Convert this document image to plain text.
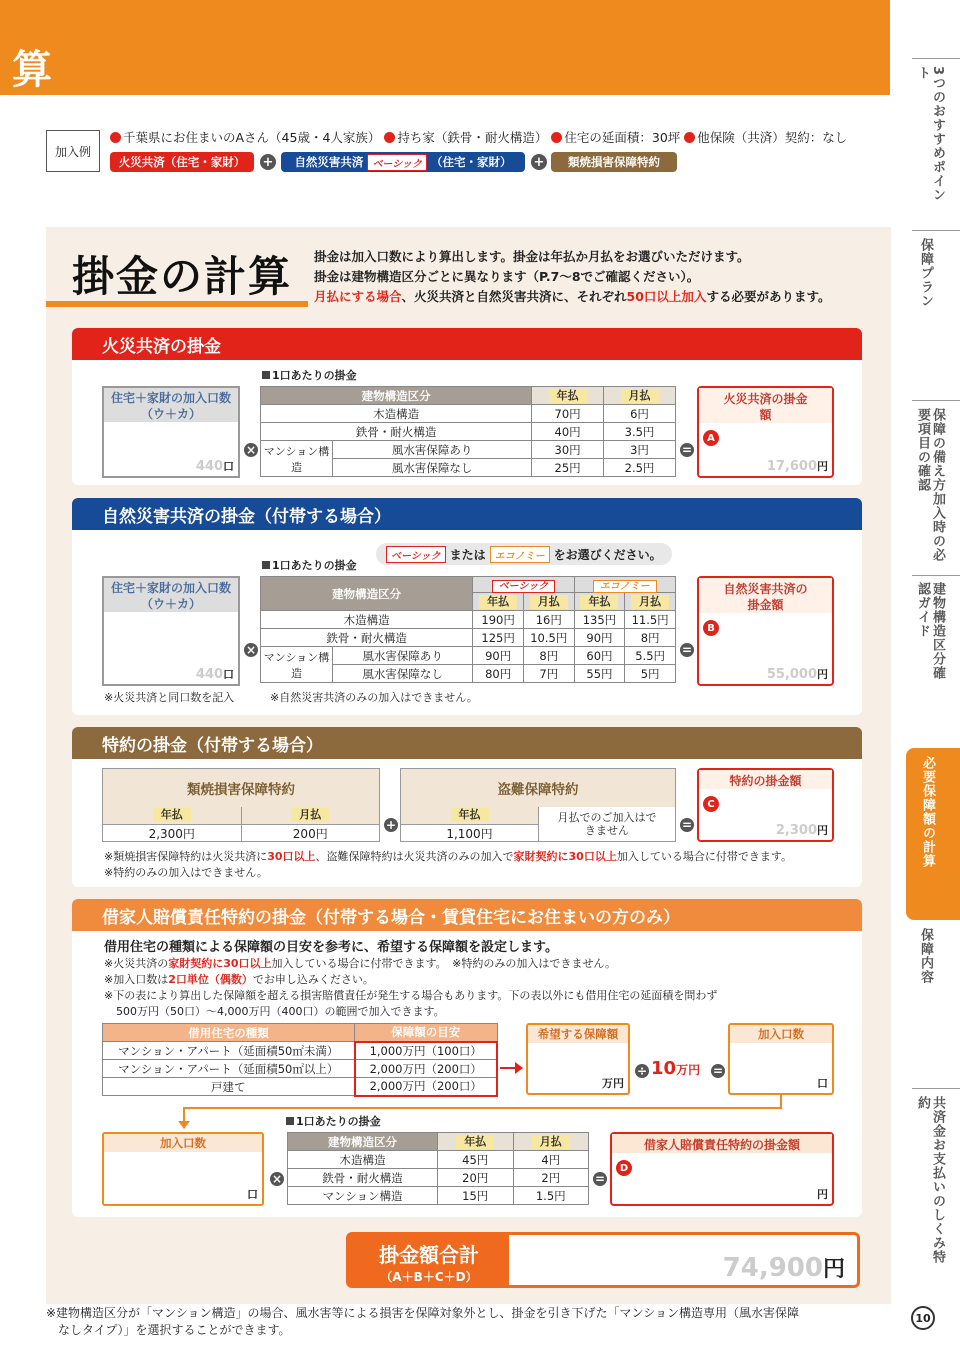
算	3つのおすすめポイント
保障プラン
保障の備え方加入時の必要項目の確認
建物構造区分確認ガイド
必要保障額の計算
保障内容
共済金お支払いのしくみ特約
10
加入例
千葉県にお住まいのAさん（45歳・4人家族） 持ち家（鉄骨・耐火構造） 住宅の延面積：30坪 他保険（共済）契約：なし
火災共済（住宅・家財）	+ 自然災害共済 ベーシック （住宅・家財） +	類焼損害保障特約
掛金の計算 掛金は加入口数により算出します。掛金は年払か月払をお選びいただけます。
掛金は建物構造区分ごとに異なります（P.7〜8でご確認ください）。
月払にする場合、火災共済と自然災害共済に、それぞれ50口以上加入する必要があります。
火災共済の掛金
1口あたりの掛金
住宅＋家財の加入口数
（ウ＋カ）
440口
×
建物構造区分		年払	月払
木造構造		70円	6円
鉄骨・耐火構造		40円	3.5円
マンション構造	風水害保障あり	30円	3円
	風水害保障なし	25円	2.5円
=
火災共済の掛金額
A
17,600円
自然災害共済の掛金（付帯する場合）
1口あたりの掛金
ベーシック または エコノミー をお選びください。
住宅＋家財の加入口数
（ウ＋カ）
440口
×
建物構造区分		ベーシック		エコノミー	
		年払	月払	年払	月払
木造構造		190円	16円	135円	11.5円
鉄骨・耐火構造		125円	10.5円	90円	8円
マンション構造	風水害保障あり	90円	8円	60円	5.5円
	風水害保障なし	80円	7円	55円	5円
=
自然災害共済の掛金額
B
55,000円
※火災共済と同口数を記入	※自然災害共済のみの加入はできません。
特約の掛金（付帯する場合）
類焼損害保障特約
年払	月払
2,300円	200円
+
盗難保障特約
年払
1,100円
月払でのご加入はできません	=
特約の掛金額
C
2,300円
※類焼損害保障特約は火災共済に30口以上、盗難保障特約は火災共済のみの加入で家財契約に30口以上加入している場合に付帯できます。
※特約のみの加入はできません。
借家人賠償責任特約の掛金（付帯する場合・賃貸住宅にお住まいの方のみ）
借用住宅の種類による保障額の目安を参考に、希望する保障額を設定します。
※火災共済の家財契約に30口以上加入している場合に付帯できます。　※特約のみの加入はできません。
※加入口数は2口単位（偶数）でお申し込みください。
※下の表により算出した保障額を超える損害賠償責任が発生する場合もあります。下の表以外にも借用住宅の延面積を問わず
500万円（50口）〜4,000万円（400口）の範囲で加入できます。
借用住宅の種類	保障額の目安
マンション・アパート（延面積50㎡未満）	1,000万円（100口）
マンション・アパート（延面積50㎡以上）	2,000万円（200口）
戸建て	2,000万円（200口）
希望する保障額
万円
÷ 10万円 =
加入口数
口
加入口数
口
1口あたりの掛金
×
建物構造区分	年払	月払
木造構造	45円	4円
鉄骨・耐火構造	20円	2円
マンション構造	15円	1.5円
=
借家人賠償責任特約の掛金額
D
円
掛金額合計
（A＋B＋C＋D）	74,900円
※建物構造区分が「マンション構造」の場合、風水害等による損害を保障対象外とし、掛金を引き下げた「マンション構造専用（風水害保障
なしタイプ）」を選択することができます。
